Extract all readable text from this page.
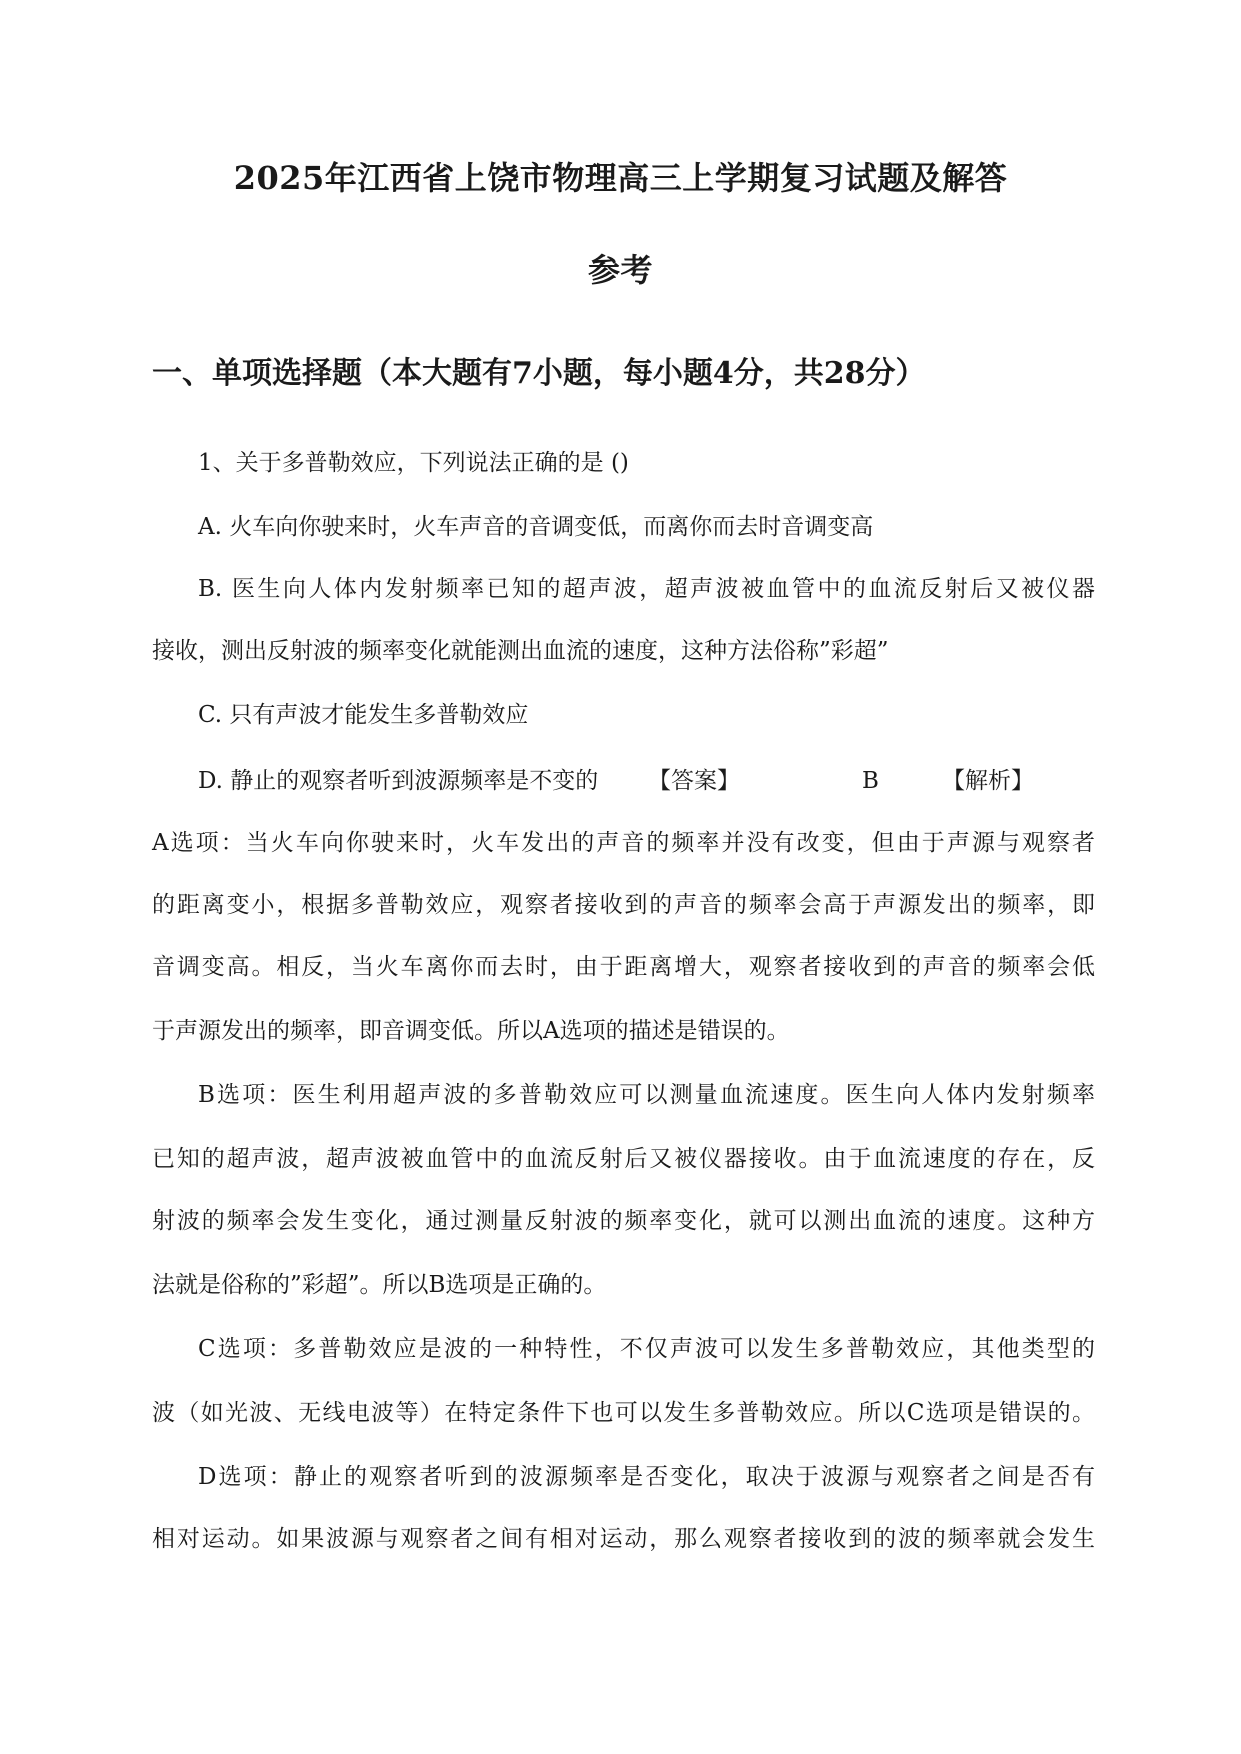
2025年江西省上饶市物理高三上学期复习试题及解答
参考
一、单项选择题（本大题有7小题，每小题4分，共28分）
1、关于多普勒效应，下列说法正确的是 ()
A. 火车向你驶来时，火车声音的音调变低，而离你而去时音调变高
B. 医生向人体内发射频率已知的超声波，超声波被血管中的血流反射后又被仪器
接收，测出反射波的频率变化就能测出血流的速度，这种方法俗称”彩超”
C. 只有声波才能发生多普勒效应
D. 静止的观察者听到波源频率是不变的 【答案】	B	【解析】
A选项：当火车向你驶来时，火车发出的声音的频率并没有改变，但由于声源与观察者
的距离变小，根据多普勒效应，观察者接收到的声音的频率会高于声源发出的频率，即
音调变高。相反，当火车离你而去时，由于距离增大，观察者接收到的声音的频率会低
于声源发出的频率，即音调变低。所以A选项的描述是错误的。
B选项：医生利用超声波的多普勒效应可以测量血流速度。医生向人体内发射频率
已知的超声波，超声波被血管中的血流反射后又被仪器接收。由于血流速度的存在，反
射波的频率会发生变化，通过测量反射波的频率变化，就可以测出血流的速度。这种方
法就是俗称的”彩超”。所以B选项是正确的。
C选项：多普勒效应是波的一种特性，不仅声波可以发生多普勒效应，其他类型的
波（如光波、无线电波等）在特定条件下也可以发生多普勒效应。所以C选项是错误的。
D选项：静止的观察者听到的波源频率是否变化，取决于波源与观察者之间是否有
相对运动。如果波源与观察者之间有相对运动，那么观察者接收到的波的频率就会发生
